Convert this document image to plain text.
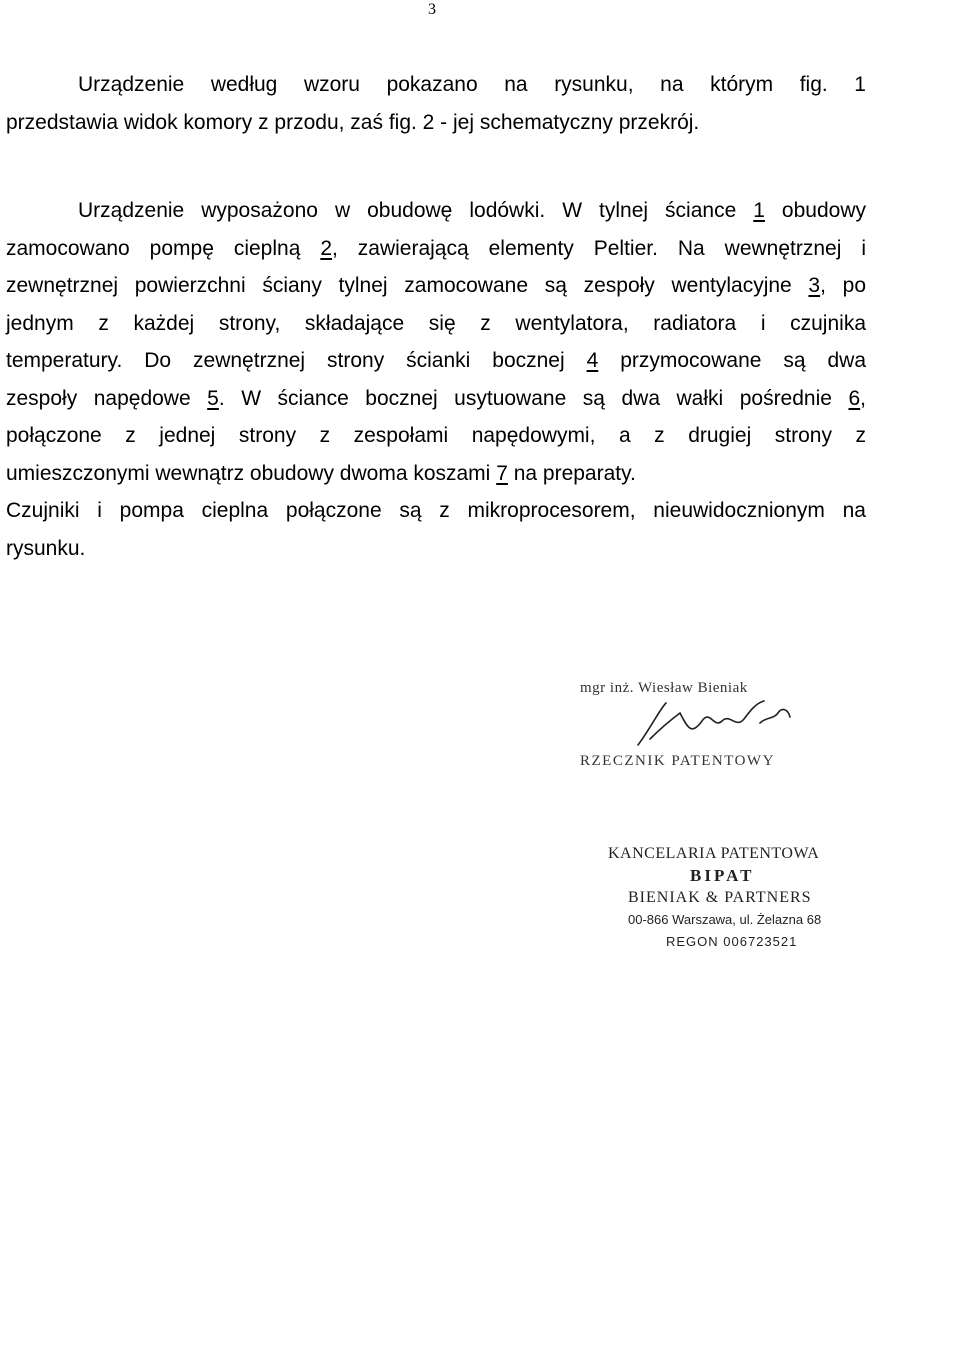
3
Urządzenie według wzoru pokazano na rysunku, na którym fig. 1
przedstawia widok komory z przodu, zaś fig. 2 - jej schematyczny przekrój.
Urządzenie wyposażono w obudowę lodówki. W tylnej ściance 1 obudowy
zamocowano pompę cieplną 2, zawierającą elementy Peltier. Na wewnętrznej i
zewnętrznej powierzchni ściany tylnej zamocowane są zespoły wentylacyjne 3, po
jednym z każdej strony, składające się z wentylatora, radiatora i czujnika
temperatury. Do zewnętrznej strony ścianki bocznej 4 przymocowane są dwa
zespoły napędowe 5. W ściance bocznej usytuowane są dwa wałki pośrednie 6,
połączone z jednej strony z zespołami napędowymi, a z drugiej strony z
umieszczonymi wewnątrz obudowy dwoma koszami 7 na preparaty.
Czujniki i pompa cieplna połączone są z mikroprocesorem, nieuwidocznionym na
rysunku.
mgr inż. Wiesław Bieniak
RZECZNIK PATENTOWY
KANCELARIA PATENTOWA
BIPAT
BIENIAK & PARTNERS
00-866 Warszawa, ul. Żelazna 68
REGON 006723521
